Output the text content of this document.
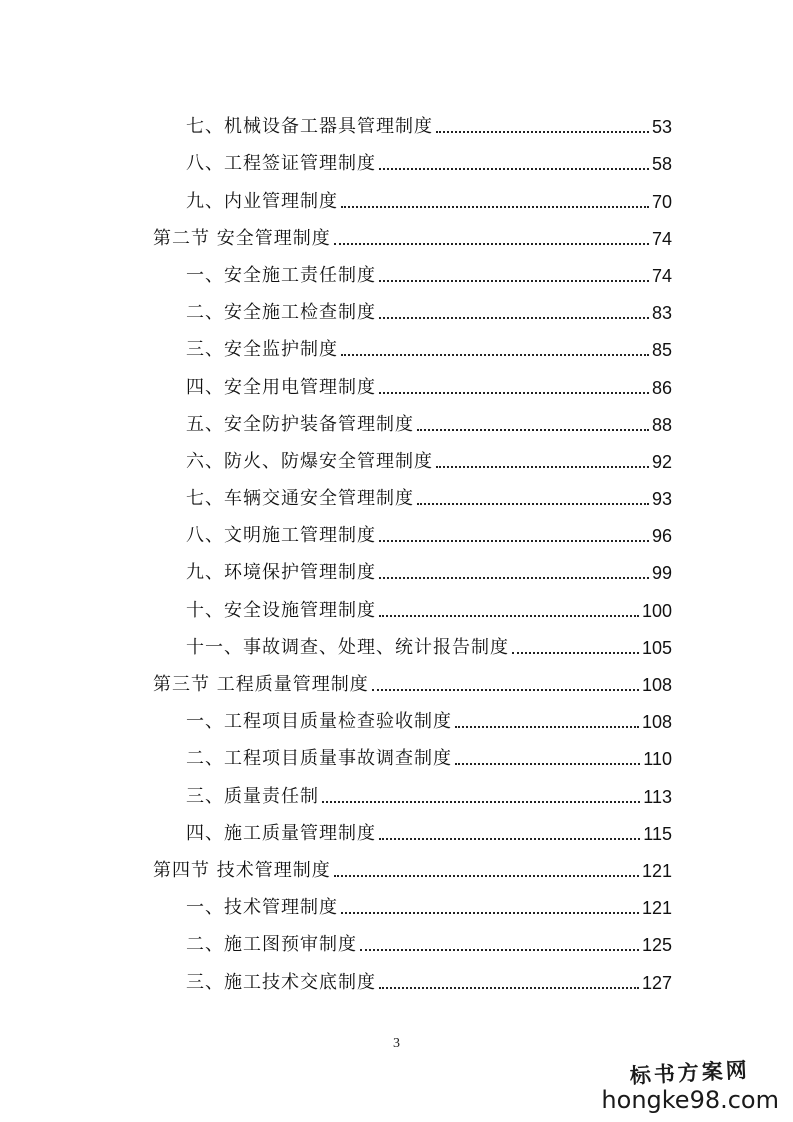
七、机械设备工器具管理制度	53
八、工程签证管理制度	58
九、内业管理制度	70
第二节 安全管理制度	74
一、安全施工责任制度	74
二、安全施工检查制度	83
三、安全监护制度	85
四、安全用电管理制度	86
五、安全防护装备管理制度	88
六、防火、防爆安全管理制度	92
七、车辆交通安全管理制度	93
八、文明施工管理制度	96
九、环境保护管理制度	99
十、安全设施管理制度	100
十一、事故调查、处理、统计报告制度	105
第三节 工程质量管理制度	108
一、工程项目质量检查验收制度	108
二、工程项目质量事故调查制度	110
三、质量责任制	113
四、施工质量管理制度	115
第四节 技术管理制度	121
一、技术管理制度	121
二、施工图预审制度	125
三、施工技术交底制度	127
3
标书方案网
hongke98.com
